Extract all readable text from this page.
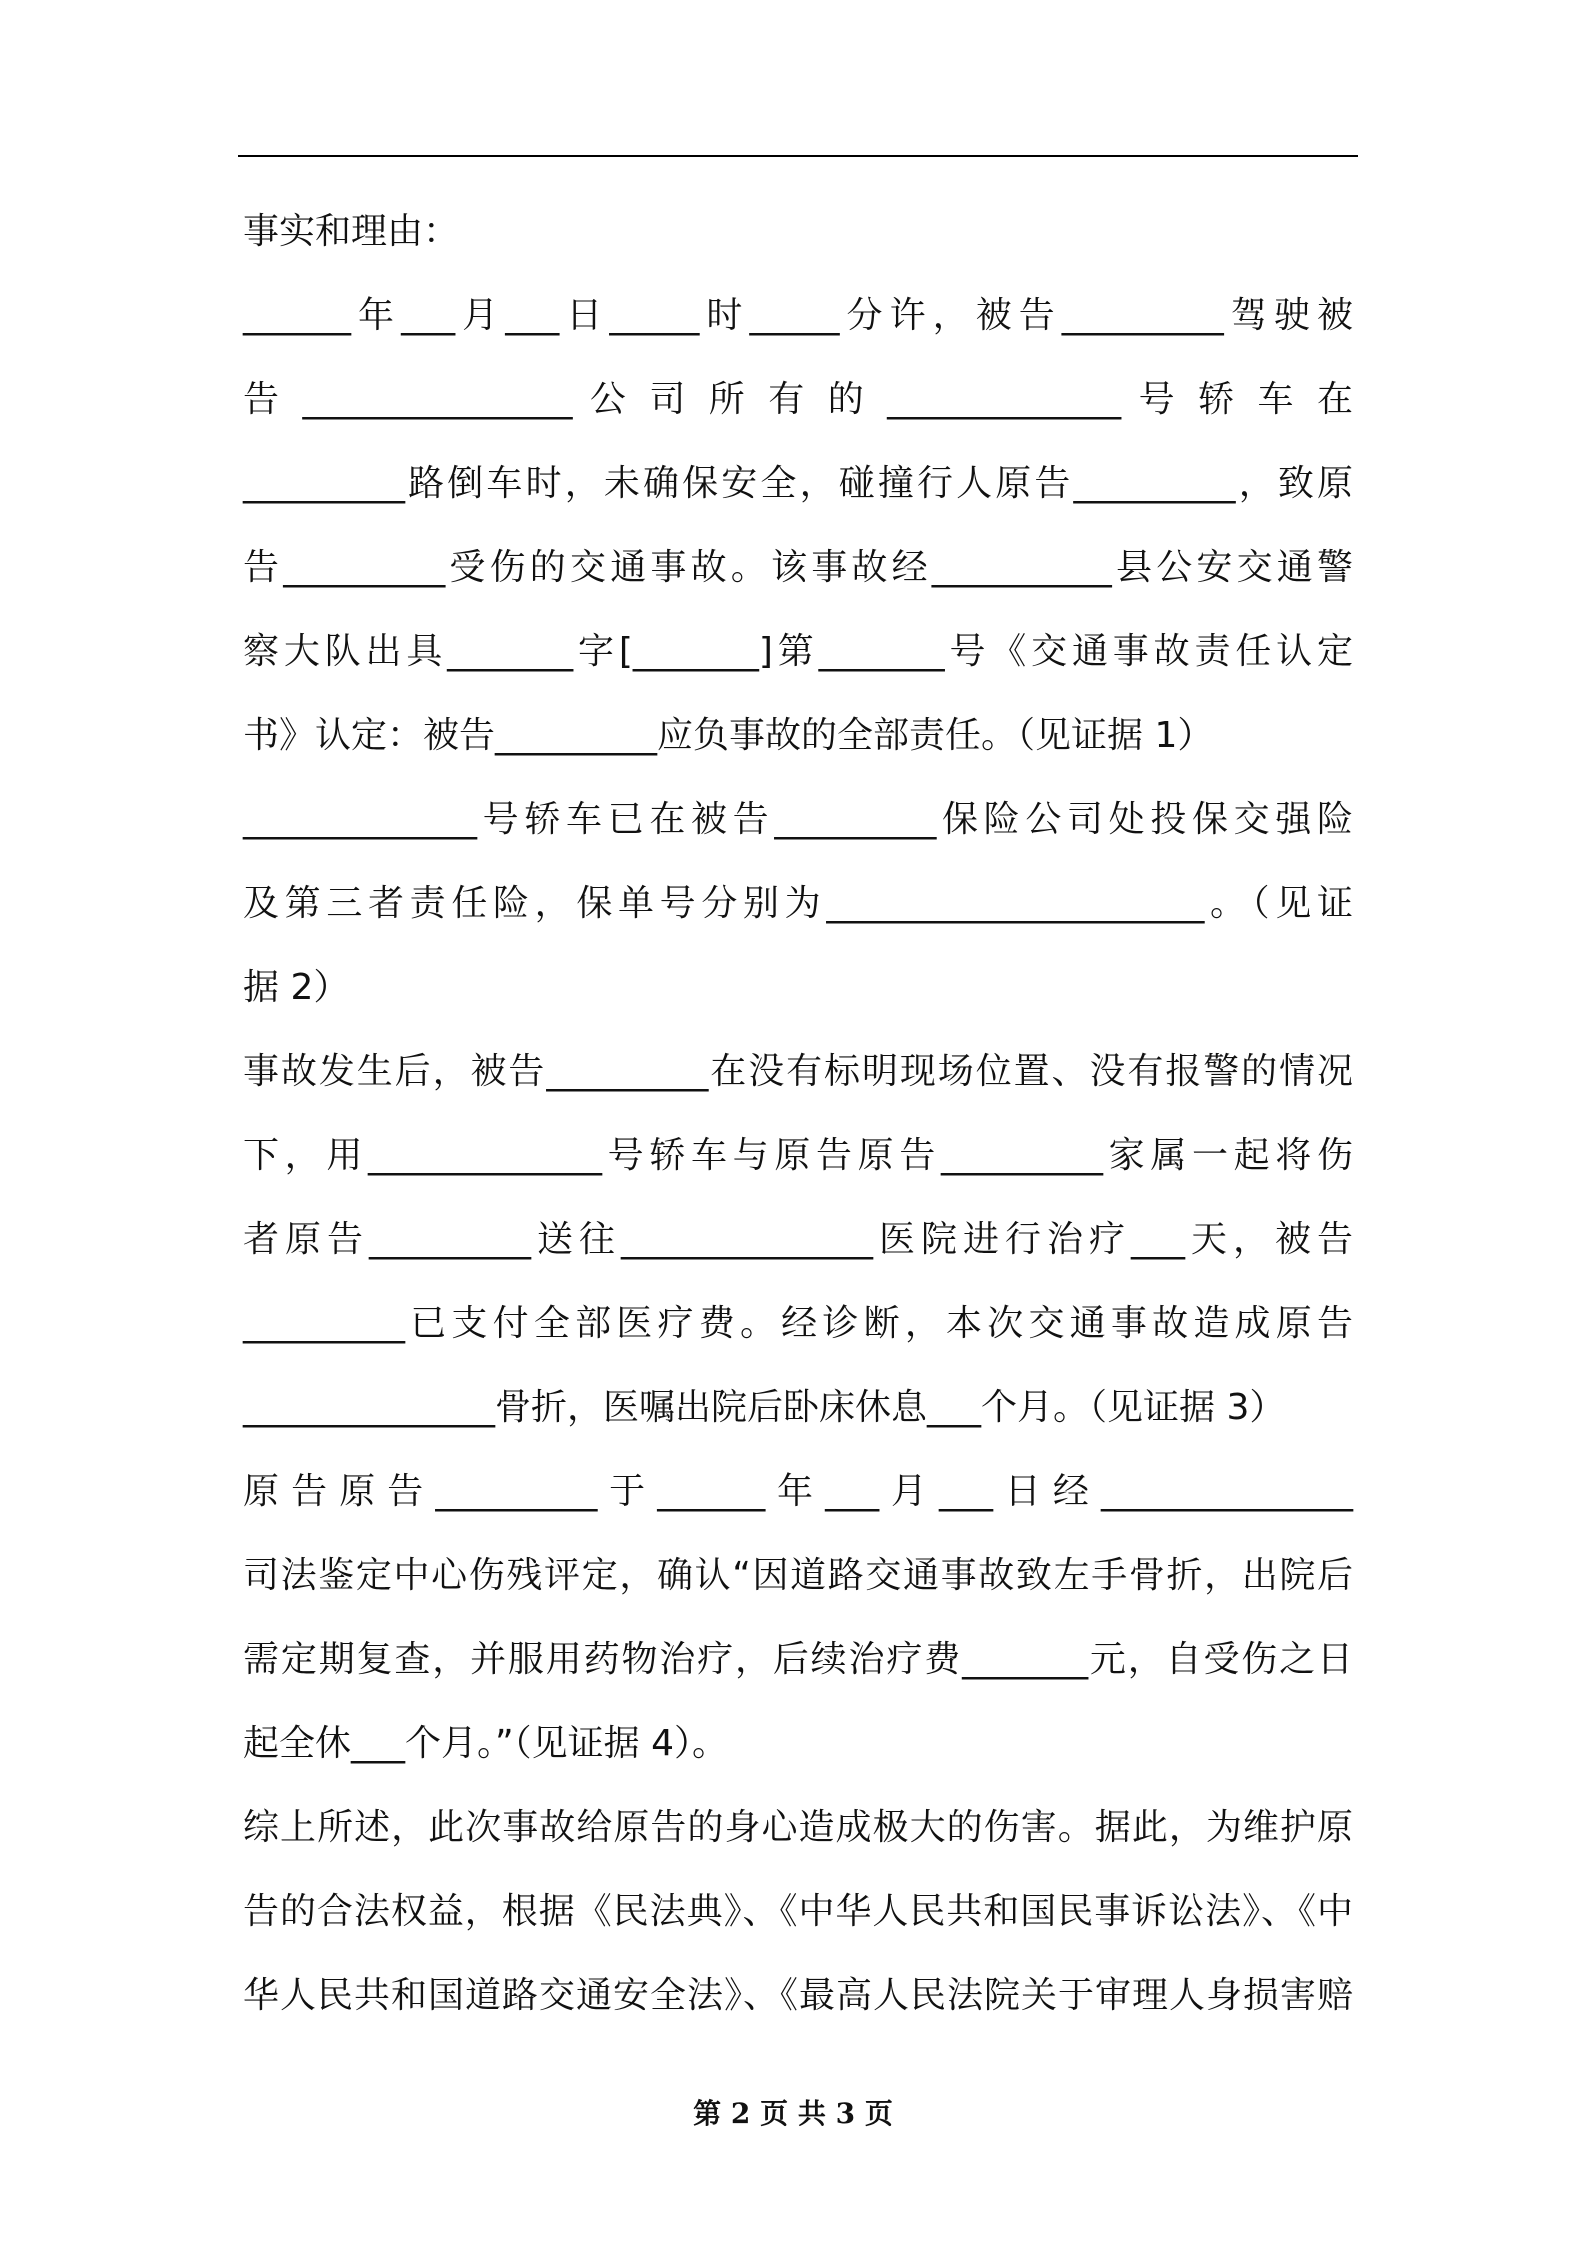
事实和理由：
______年___月___日_____时_____分许，被告_________驾驶被
告 _______________ 公 司 所 有 的 _____________ 号 轿 车 在
_________路倒车时，未确保安全，碰撞行人原告_________，致原
告_________受伤的交通事故。该事故经__________县公安交通警
察大队出具_______字[_______]第_______号《交通事故责任认定
书》认定：被告_________应负事故的全部责任。（见证据 1）
_____________号轿车已在被告_________保险公司处投保交强险
及第三者责任险，保单号分别为_____________________。（见证
据 2）
事故发生后，被告_________在没有标明现场位置、没有报警的情况
下，用_____________号轿车与原告原告_________家属一起将伤
者原告_________送往______________医院进行治疗___天，被告
_________已支付全部医疗费。经诊断，本次交通事故造成原告
______________骨折，医嘱出院后卧床休息___个月。（见证据 3）
原 告 原 告 _________ 于 ______ 年 ___ 月 ___ 日 经 ______________
司法鉴定中心伤残评定，确认“因道路交通事故致左手骨折，出院后
需定期复查，并服用药物治疗，后续治疗费_______元，自受伤之日
起全休___个月。”（见证据 4）。
综上所述，此次事故给原告的身心造成极大的伤害。据此，为维护原
告的合法权益，根据《民法典》、《中华人民共和国民事诉讼法》、《中
华人民共和国道路交通安全法》、《最高人民法院关于审理人身损害赔
第 2 页 共 3 页
